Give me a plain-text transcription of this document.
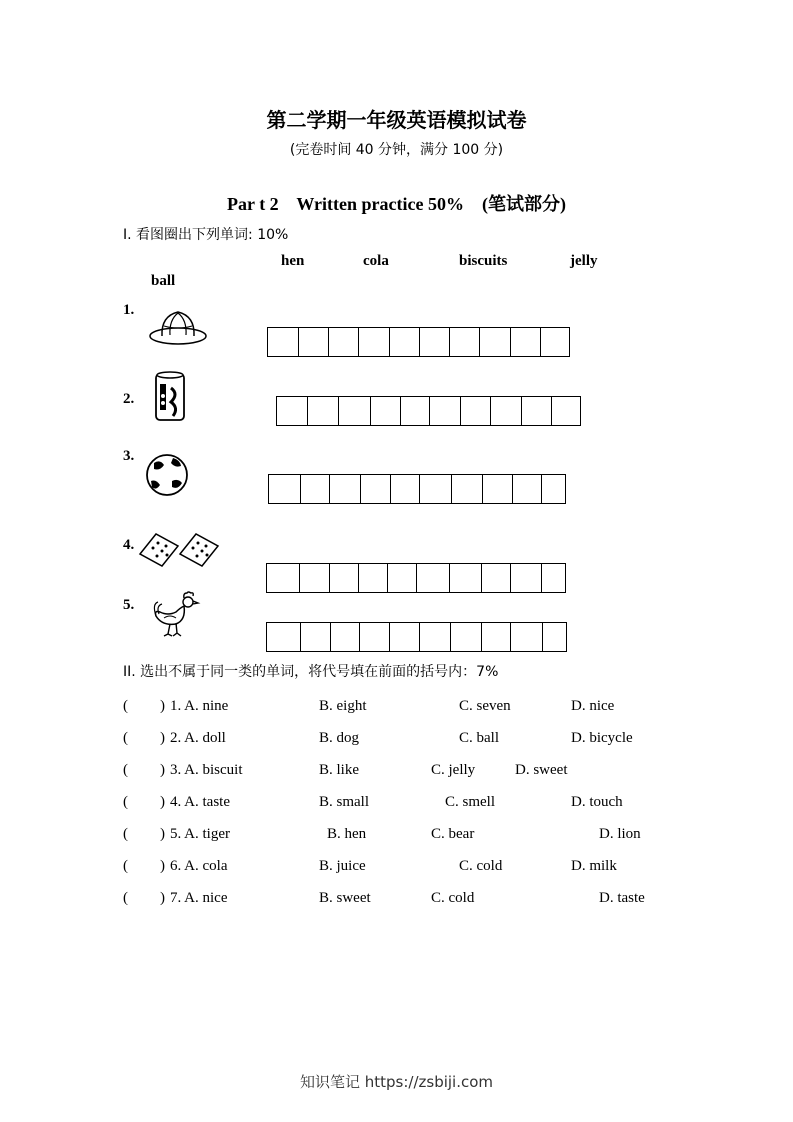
第二学期一年级英语模拟试卷
(完卷时间 40 分钟，满分 100 分)
Par t 2    Written practice 50%    (笔试部分)
I. 看图圈出下列单词: 10%
hen	cola	biscuits	jelly
ball
1.
2.
3.
4.
5.
II. 选出不属于同一类的单词，将代号填在前面的括号内：7%
( ) 1. A. nine	B. eight	C. seven	D. nice
( ) 2. A. doll	B. dog	C. ball	D. bicycle
( ) 3. A. biscuit	B. like	C. jelly	D. sweet
( ) 4. A. taste	B. small	C. smell	D. touch
( ) 5. A. tiger	B. hen	C. bear	D. lion
( ) 6. A. cola	B. juice	C. cold	D. milk
( ) 7. A. nice	B. sweet	C. cold	D. taste
知识笔记 https://zsbiji.com
